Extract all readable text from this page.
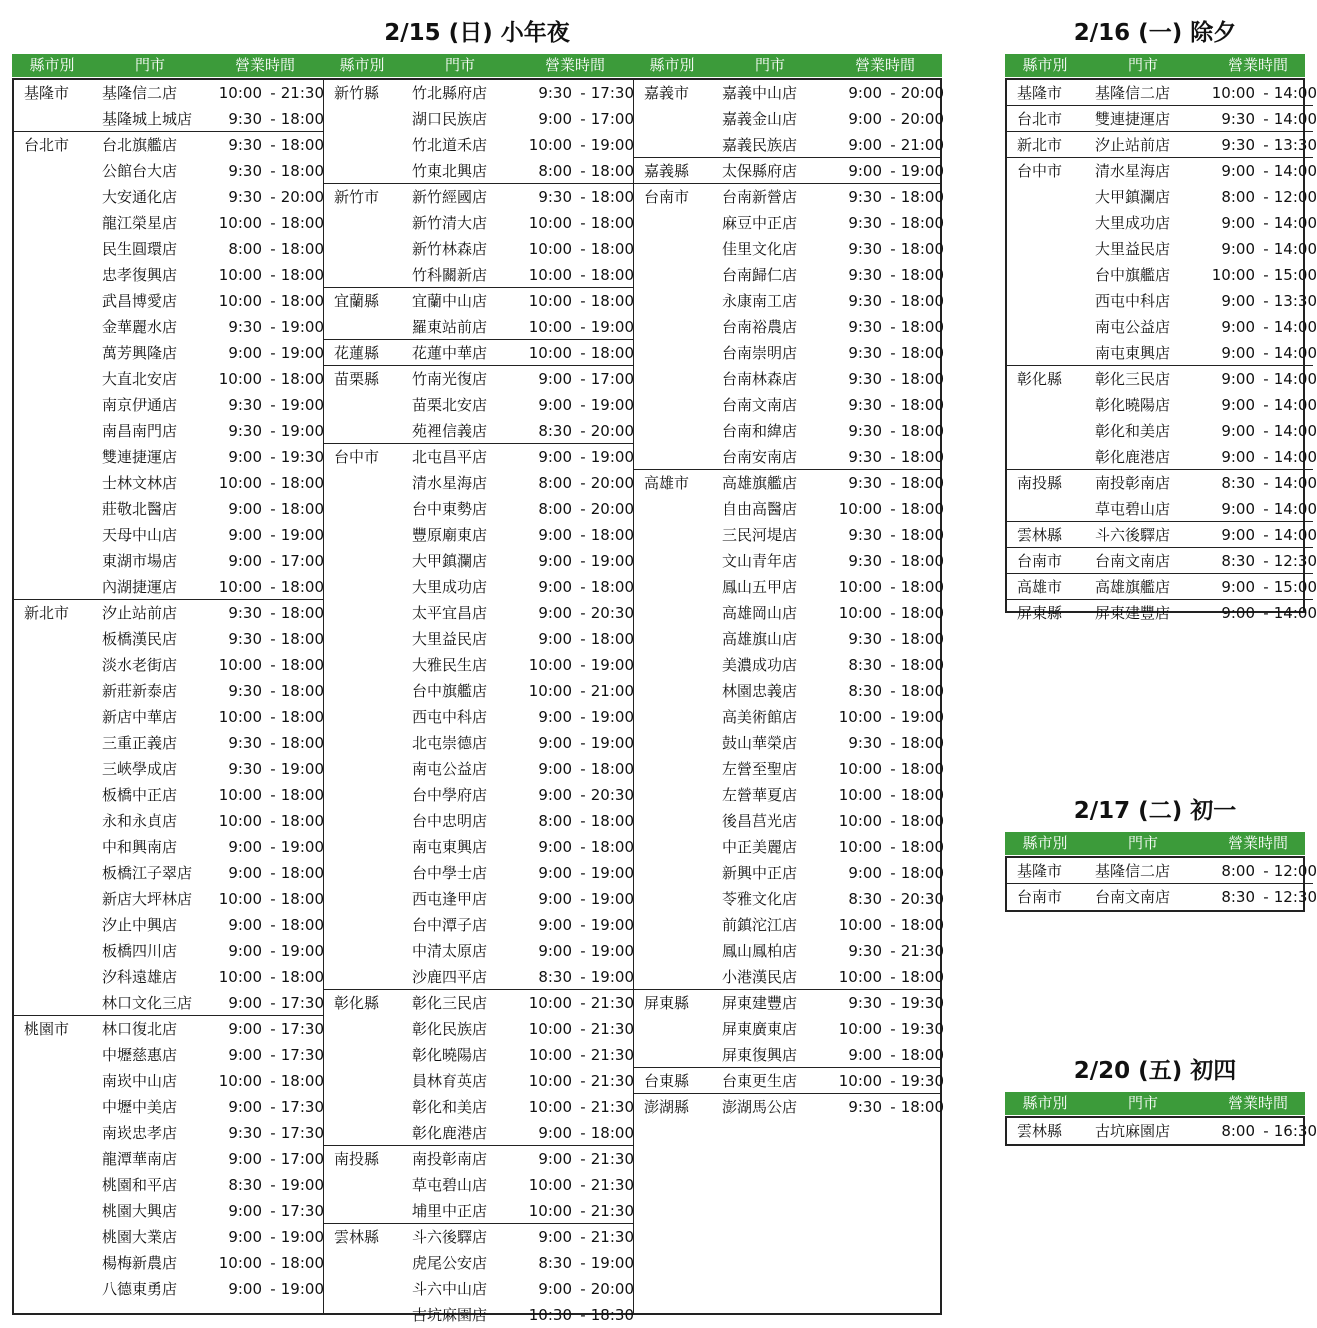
2/15 (日) 小年夜
縣市別	門市	營業時間	縣市別	門市	營業時間	縣市別	門市	營業時間
基隆市 基隆信二店	10:00 - 21:30
基隆城上城店	9:30 - 18:00
台北市 台北旗艦店	9:30 - 18:00
公館台大店	9:30 - 18:00
大安通化店	9:30 - 20:00
龍江榮星店	10:00 - 18:00
民生圓環店	8:00 - 18:00
忠孝復興店	10:00 - 18:00
武昌博愛店	10:00 - 18:00
金華麗水店	9:30 - 19:00
萬芳興隆店	9:00 - 19:00
大直北安店	10:00 - 18:00
南京伊通店	9:30 - 19:00
南昌南門店	9:30 - 19:00
雙連捷運店	9:00 - 19:30
士林文林店	10:00 - 18:00
莊敬北醫店	9:00 - 18:00
天母中山店	9:00 - 19:00
東湖市場店	9:00 - 17:00
內湖捷運店	10:00 - 18:00
新北市 汐止站前店	9:30 - 18:00
板橋漢民店	9:30 - 18:00
淡水老街店	10:00 - 18:00
新莊新泰店	9:30 - 18:00
新店中華店	10:00 - 18:00
三重正義店	9:30 - 18:00
三峽學成店	9:30 - 19:00
板橋中正店	10:00 - 18:00
永和永貞店	10:00 - 18:00
中和興南店	9:00 - 19:00
板橋江子翠店	9:00 - 18:00
新店大坪林店	10:00 - 18:00
汐止中興店	9:00 - 18:00
板橋四川店	9:00 - 19:00
汐科遠雄店	10:00 - 18:00
林口文化三店	9:00 - 17:30
桃園市 林口復北店	9:00 - 17:30
中壢慈惠店	9:00 - 17:30
南崁中山店	10:00 - 18:00
中壢中美店	9:00 - 17:30
南崁忠孝店	9:30 - 17:30
龍潭華南店	9:00 - 17:00
桃園和平店	8:30 - 19:00
桃園大興店	9:00 - 17:30
桃園大業店	9:00 - 19:00
楊梅新農店	10:00 - 18:00
八德東勇店	9:00 - 19:00
新竹縣 竹北縣府店	9:30 - 17:30
湖口民族店	9:00 - 17:00
竹北道禾店	10:00 - 19:00
竹東北興店	8:00 - 18:00
新竹市 新竹經國店	9:30 - 18:00
新竹清大店	10:00 - 18:00
新竹林森店	10:00 - 18:00
竹科關新店	10:00 - 18:00
宜蘭縣 宜蘭中山店	10:00 - 18:00
羅東站前店	10:00 - 19:00
花蓮縣 花蓮中華店	10:00 - 18:00
苗栗縣 竹南光復店	9:00 - 17:00
苗栗北安店	9:00 - 19:00
苑裡信義店	8:30 - 20:00
台中市 北屯昌平店	9:00 - 19:00
清水星海店	8:00 - 20:00
台中東勢店	8:00 - 20:00
豐原廟東店	9:00 - 18:00
大甲鎮瀾店	9:00 - 19:00
大里成功店	9:00 - 18:00
太平宜昌店	9:00 - 20:30
大里益民店	9:00 - 18:00
大雅民生店	10:00 - 19:00
台中旗艦店	10:00 - 21:00
西屯中科店	9:00 - 19:00
北屯崇德店	9:00 - 19:00
南屯公益店	9:00 - 18:00
台中學府店	9:00 - 20:30
台中忠明店	8:00 - 18:00
南屯東興店	9:00 - 18:00
台中學士店	9:00 - 19:00
西屯逢甲店	9:00 - 19:00
台中潭子店	9:00 - 19:00
中清太原店	9:00 - 19:00
沙鹿四平店	8:30 - 19:00
彰化縣 彰化三民店	10:00 - 21:30
彰化民族店	10:00 - 21:30
彰化曉陽店	10:00 - 21:30
員林育英店	10:00 - 21:30
彰化和美店	10:00 - 21:30
彰化鹿港店	9:00 - 18:00
南投縣 南投彰南店	9:00 - 21:30
草屯碧山店	10:00 - 21:30
埔里中正店	10:00 - 21:30
雲林縣 斗六後驛店	9:00 - 21:30
虎尾公安店	8:30 - 19:00
斗六中山店	9:00 - 20:00
古坑麻園店	10:30 - 18:30
嘉義市 嘉義中山店	9:00 - 20:00
嘉義金山店	9:00 - 20:00
嘉義民族店	9:00 - 21:00
嘉義縣 太保縣府店	9:00 - 19:00
台南市 台南新營店	9:30 - 18:00
麻豆中正店	9:30 - 18:00
佳里文化店	9:30 - 18:00
台南歸仁店	9:30 - 18:00
永康南工店	9:30 - 18:00
台南裕農店	9:30 - 18:00
台南崇明店	9:30 - 18:00
台南林森店	9:30 - 18:00
台南文南店	9:30 - 18:00
台南和緯店	9:30 - 18:00
台南安南店	9:30 - 18:00
高雄市 高雄旗艦店	9:30 - 18:00
自由高醫店	10:00 - 18:00
三民河堤店	9:30 - 18:00
文山青年店	9:30 - 18:00
鳳山五甲店	10:00 - 18:00
高雄岡山店	10:00 - 18:00
高雄旗山店	9:30 - 18:00
美濃成功店	8:30 - 18:00
林園忠義店	8:30 - 18:00
高美術館店	10:00 - 19:00
鼓山華榮店	9:30 - 18:00
左營至聖店	10:00 - 18:00
左營華夏店	10:00 - 18:00
後昌莒光店	10:00 - 18:00
中正美麗店	10:00 - 18:00
新興中正店	9:00 - 18:00
苓雅文化店	8:30 - 20:30
前鎮沱江店	10:00 - 18:00
鳳山鳳柏店	9:30 - 21:30
小港漢民店	10:00 - 18:00
屏東縣 屏東建豐店	9:30 - 19:30
屏東廣東店	10:00 - 19:30
屏東復興店	9:00 - 18:00
台東縣 台東更生店	10:00 - 19:30
澎湖縣 澎湖馬公店	9:30 - 18:00
2/16 (一) 除夕
縣市別	門市	營業時間
基隆市 基隆信二店	10:00 - 14:00
台北市 雙連捷運店	9:30 - 14:00
新北市 汐止站前店	9:30 - 13:30
台中市 清水星海店	9:00 - 14:00
大甲鎮瀾店	8:00 - 12:00
大里成功店	9:00 - 14:00
大里益民店	9:00 - 14:00
台中旗艦店	10:00 - 15:00
西屯中科店	9:00 - 13:30
南屯公益店	9:00 - 14:00
南屯東興店	9:00 - 14:00
彰化縣 彰化三民店	9:00 - 14:00
彰化曉陽店	9:00 - 14:00
彰化和美店	9:00 - 14:00
彰化鹿港店	9:00 - 14:00
南投縣 南投彰南店	8:30 - 14:00
草屯碧山店	9:00 - 14:00
雲林縣 斗六後驛店	9:00 - 14:00
台南市 台南文南店	8:30 - 12:30
高雄市 高雄旗艦店	9:00 - 15:00
屏東縣 屏東建豐店	9:00 - 14:00
2/17 (二) 初一
縣市別	門市	營業時間
基隆市 基隆信二店	8:00 - 12:00
台南市 台南文南店	8:30 - 12:30
2/20 (五) 初四
縣市別	門市	營業時間
雲林縣 古坑麻園店	8:00 - 16:30
